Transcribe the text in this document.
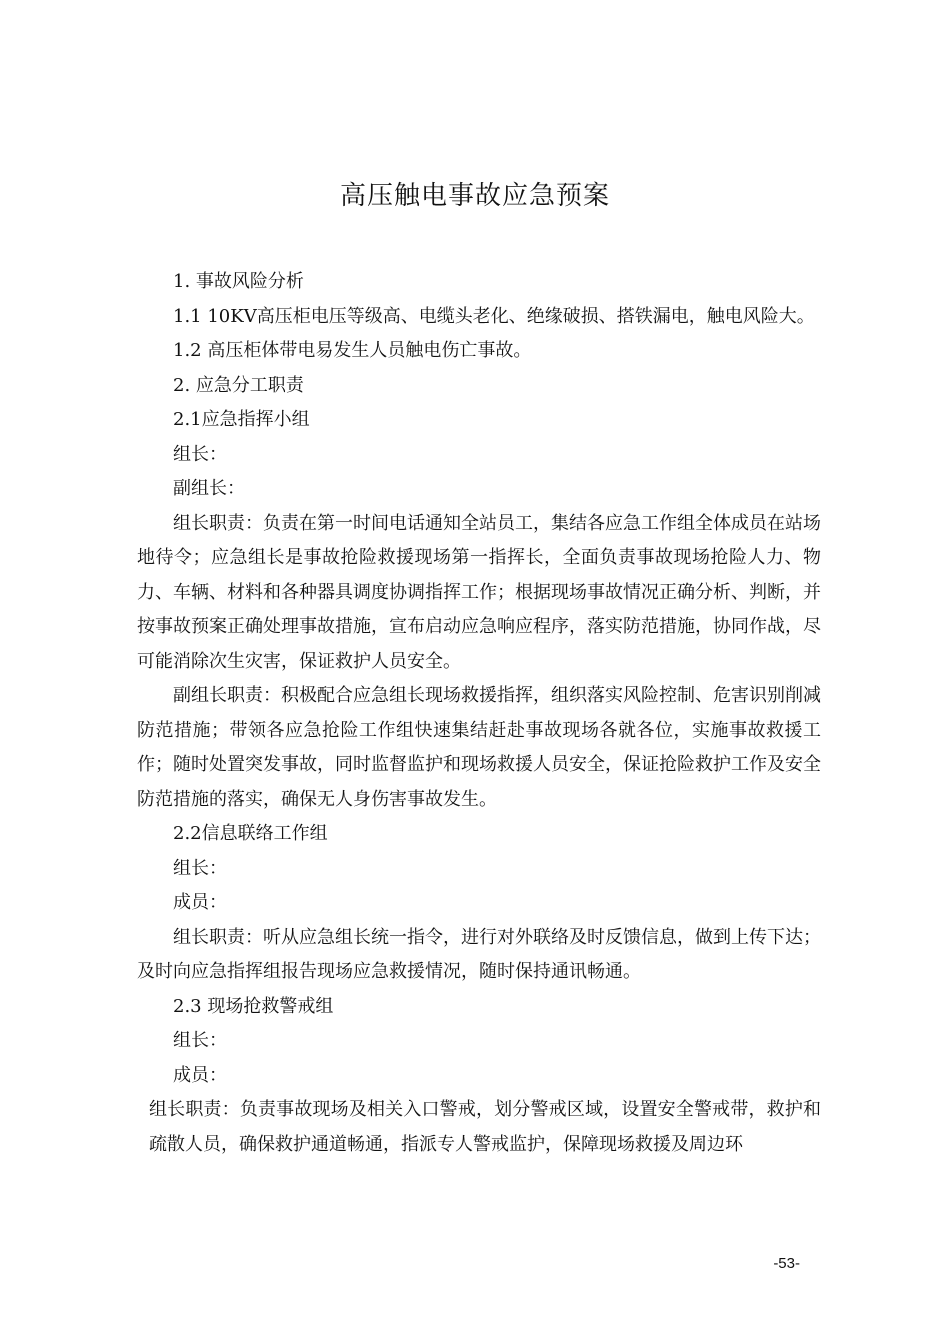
高压触电事故应急预案

1. 事故风险分析

1.1 10KV高压柜电压等级高、电缆头老化、绝缘破损、搭铁漏电，触电风险大。

1.2 高压柜体带电易发生人员触电伤亡事故。

2. 应急分工职责

2.1应急指挥小组

组长：

副组长：

组长职责：负责在第一时间电话通知全站员工，集结各应急工作组全体成员在站场地待令；应急组长是事故抢险救援现场第一指挥长，全面负责事故现场抢险人力、物力、车辆、材料和各种器具调度协调指挥工作；根据现场事故情况正确分析、判断，并按事故预案正确处理事故措施，宣布启动应急响应程序，落实防范措施，协同作战，尽可能消除次生灾害，保证救护人员安全。

副组长职责：积极配合应急组长现场救援指挥，组织落实风险控制、危害识别削减防范措施；带领各应急抢险工作组快速集结赶赴事故现场各就各位，实施事故救援工作；随时处置突发事故，同时监督监护和现场救援人员安全，保证抢险救护工作及安全防范措施的落实，确保无人身伤害事故发生。

2.2信息联络工作组

组长：

成员：

组长职责：听从应急组长统一指令，进行对外联络及时反馈信息，做到上传下达；及时向应急指挥组报告现场应急救援情况，随时保持通讯畅通。

2.3 现场抢救警戒组

组长：

成员：

组长职责：负责事故现场及相关入口警戒，划分警戒区域，设置安全警戒带，救护和疏散人员，确保救护通道畅通，指派专人警戒监护，保障现场救援及周边环

-53-
